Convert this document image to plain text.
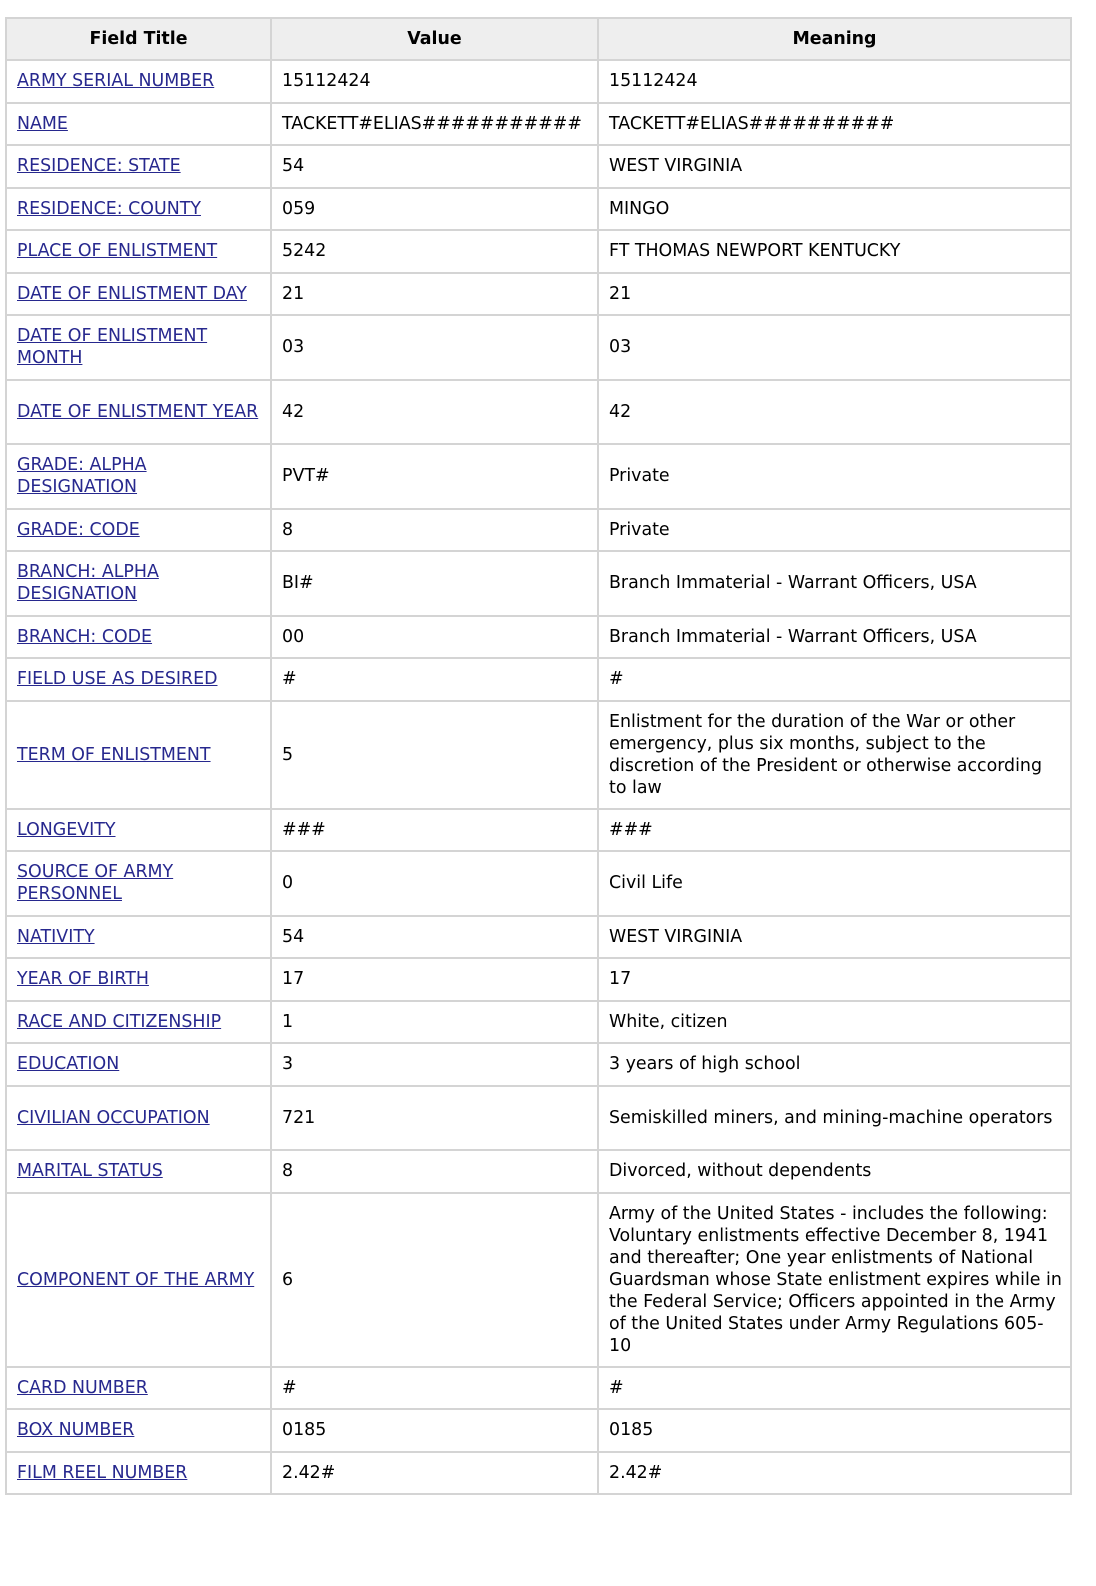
Field Title	Value	Meaning
ARMY SERIAL NUMBER	15112424	15112424
NAME	TACKETT#ELIAS###########	TACKETT#ELIAS##########
RESIDENCE: STATE	54	WEST VIRGINIA
RESIDENCE: COUNTY	059	MINGO
PLACE OF ENLISTMENT	5242	FT THOMAS NEWPORT KENTUCKY
DATE OF ENLISTMENT DAY	21	21
DATE OF ENLISTMENT MONTH	03	03
DATE OF ENLISTMENT YEAR	42	42
GRADE: ALPHA DESIGNATION	PVT#	Private
GRADE: CODE	8	Private
BRANCH: ALPHA DESIGNATION	BI#	Branch Immaterial - Warrant Officers, USA
BRANCH: CODE	00	Branch Immaterial - Warrant Officers, USA
FIELD USE AS DESIRED	#	#
TERM OF ENLISTMENT	5	Enlistment for the duration of the War or other emergency, plus six months, subject to the discretion of the President or otherwise according to law
LONGEVITY	###	###
SOURCE OF ARMY PERSONNEL	0	Civil Life
NATIVITY	54	WEST VIRGINIA
YEAR OF BIRTH	17	17
RACE AND CITIZENSHIP	1	White, citizen
EDUCATION	3	3 years of high school
CIVILIAN OCCUPATION	721	Semiskilled miners, and mining-machine operators
MARITAL STATUS	8	Divorced, without dependents
COMPONENT OF THE ARMY	6	Army of the United States - includes the following: Voluntary enlistments effective December 8, 1941 and thereafter; One year enlistments of National Guardsman whose State enlistment expires while in the Federal Service; Officers appointed in the Army of the United States under Army Regulations 605-10
CARD NUMBER	#	#
BOX NUMBER	0185	0185
FILM REEL NUMBER	2.42#	2.42#
